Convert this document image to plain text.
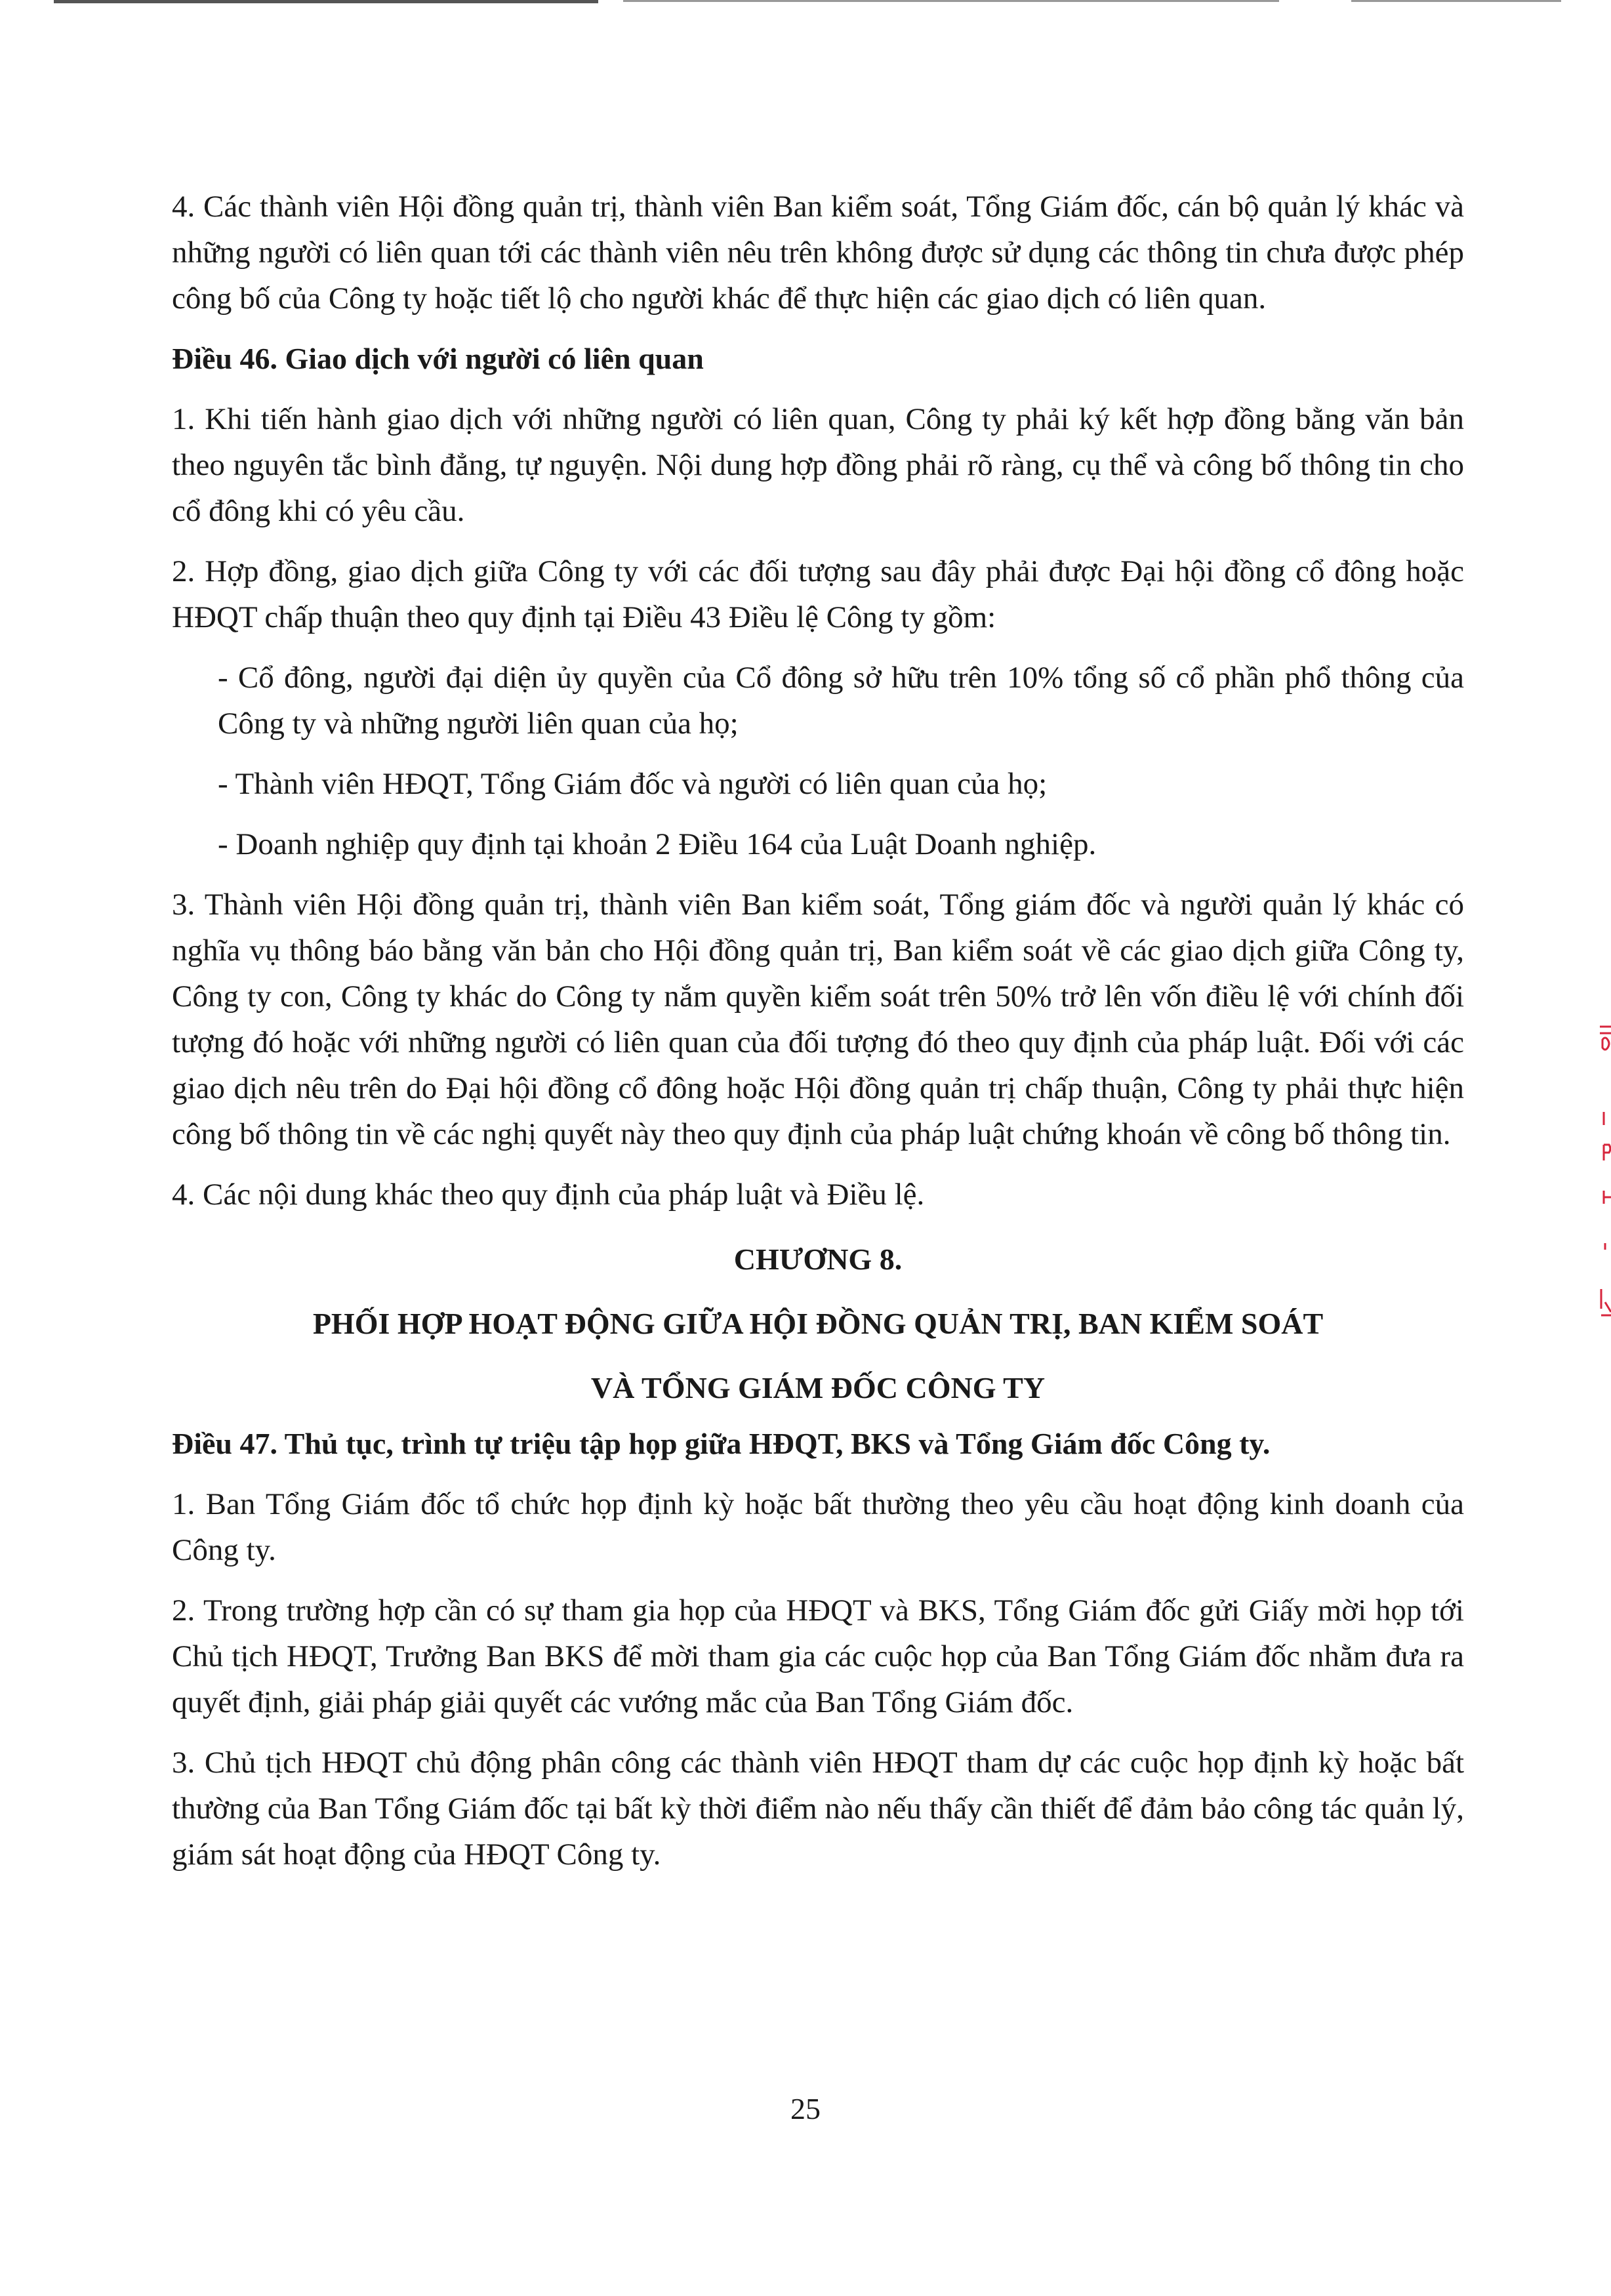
4. Các thành viên Hội đồng quản trị, thành viên Ban kiểm soát, Tổng Giám đốc, cán bộ quản lý khác và những người có liên quan tới các thành viên nêu trên không được sử dụng các thông tin chưa được phép công bố của Công ty hoặc tiết lộ cho người khác để thực hiện các giao dịch có liên quan.

Điều 46. Giao dịch với người có liên quan

1. Khi tiến hành giao dịch với những người có liên quan, Công ty phải ký kết hợp đồng bằng văn bản theo nguyên tắc bình đẳng, tự nguyện. Nội dung hợp đồng phải rõ ràng, cụ thể và công bố thông tin cho cổ đông khi có yêu cầu.

2. Hợp đồng, giao dịch giữa Công ty với các đối tượng sau đây phải được Đại hội đồng cổ đông hoặc HĐQT chấp thuận theo quy định tại Điều 43 Điều lệ Công ty gồm:

- Cổ đông, người đại diện ủy quyền của Cổ đông sở hữu trên 10% tổng số cổ phần phổ thông của Công ty và những người liên quan của họ;

- Thành viên HĐQT, Tổng Giám đốc và người có liên quan của họ;

- Doanh nghiệp quy định tại khoản 2 Điều 164 của Luật Doanh nghiệp.

3. Thành viên Hội đồng quản trị, thành viên Ban kiểm soát, Tổng giám đốc và người quản lý khác có nghĩa vụ thông báo bằng văn bản cho Hội đồng quản trị, Ban kiểm soát về các giao dịch giữa Công ty, Công ty con, Công ty khác do Công ty nắm quyền kiểm soát trên 50% trở lên vốn điều lệ với chính đối tượng đó hoặc với những người có liên quan của đối tượng đó theo quy định của pháp luật. Đối với các giao dịch nêu trên do Đại hội đồng cổ đông hoặc Hội đồng quản trị chấp thuận, Công ty phải thực hiện công bố thông tin về các nghị quyết này theo quy định của pháp luật chứng khoán về công bố thông tin.

4. Các nội dung khác theo quy định của pháp luật và Điều lệ.

CHƯƠNG 8.

PHỐI HỢP HOẠT ĐỘNG GIỮA HỘI ĐỒNG QUẢN TRỊ, BAN KIỂM SOÁT

VÀ TỔNG GIÁM ĐỐC CÔNG TY

Điều 47. Thủ tục, trình tự triệu tập họp giữa HĐQT, BKS và Tổng Giám đốc Công ty.

1. Ban Tổng Giám đốc tổ chức họp định kỳ hoặc bất thường theo yêu cầu hoạt động kinh doanh của Công ty.

2. Trong trường hợp cần có sự tham gia họp của HĐQT và BKS, Tổng Giám đốc gửi Giấy mời họp tới Chủ tịch HĐQT, Trưởng Ban BKS để mời tham gia các cuộc họp của Ban Tổng Giám đốc nhằm đưa ra quyết định, giải pháp giải quyết các vướng mắc của Ban Tổng Giám đốc.

3. Chủ tịch HĐQT chủ động phân công các thành viên HĐQT tham dự các cuộc họp định kỳ hoặc bất thường của Ban Tổng Giám đốc tại bất kỳ thời điểm nào nếu thấy cần thiết để đảm bảo công tác quản lý, giám sát hoạt động của HĐQT Công ty.

25
